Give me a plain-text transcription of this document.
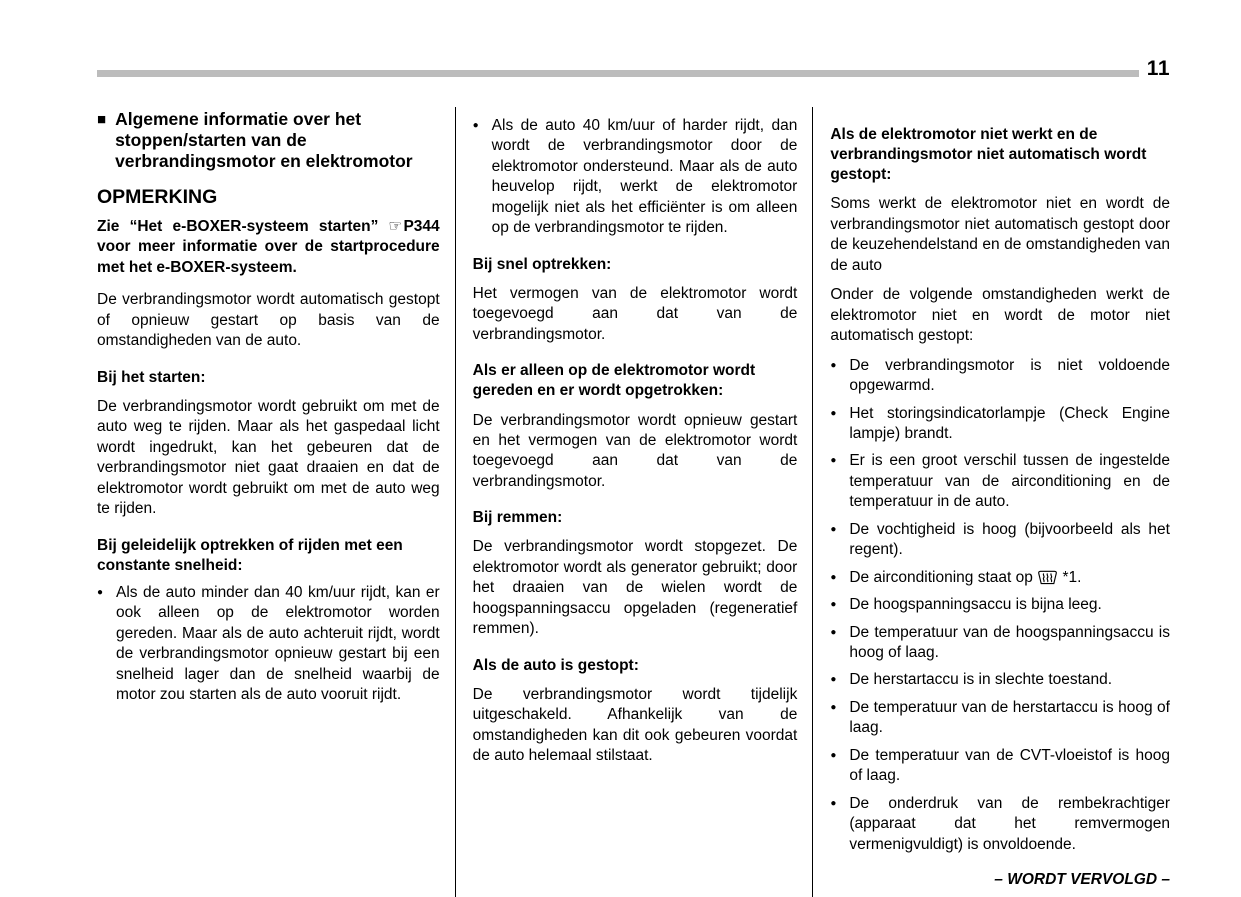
11
■ Algemene informatie over het stoppen/starten van de verbrandingsmotor en elektromotor
OPMERKING
Zie “Het e-BOXER-systeem starten” ☞P344 voor meer informatie over de startprocedure met het e-BOXER-systeem.
De verbrandingsmotor wordt automatisch gestopt of opnieuw gestart op basis van de omstandigheden van de auto.
Bij het starten:
De verbrandingsmotor wordt gebruikt om met de auto weg te rijden. Maar als het gaspedaal licht wordt ingedrukt, kan het gebeuren dat de verbrandingsmotor niet gaat draaien en dat de elektromotor wordt gebruikt om met de auto weg te rijden.
Bij geleidelijk optrekken of rijden met een constante snelheid:
● Als de auto minder dan 40 km/uur rijdt, kan er ook alleen op de elektromotor worden gereden. Maar als de auto achteruit rijdt, wordt de verbrandingsmotor opnieuw gestart bij een snelheid lager dan de snelheid waarbij de motor zou starten als de auto vooruit rijdt.
● Als de auto 40 km/uur of harder rijdt, dan wordt de verbrandingsmotor door de elektromotor ondersteund. Maar als de auto heuvelop rijdt, werkt de elektromotor mogelijk niet als het efficiënter is om alleen op de verbrandingsmotor te rijden.
Bij snel optrekken:
Het vermogen van de elektromotor wordt toegevoegd aan dat van de verbrandingsmotor.
Als er alleen op de elektromotor wordt gereden en er wordt opgetrokken:
De verbrandingsmotor wordt opnieuw gestart en het vermogen van de elektromotor wordt toegevoegd aan dat van de verbrandingsmotor.
Bij remmen:
De verbrandingsmotor wordt stopgezet. De elektromotor wordt als generator gebruikt; door het draaien van de wielen wordt de hoogspanningsaccu opgeladen (regeneratief remmen).
Als de auto is gestopt:
De verbrandingsmotor wordt tijdelijk uitgeschakeld. Afhankelijk van de omstandigheden kan dit ook gebeuren voordat de auto helemaal stilstaat.
Als de elektromotor niet werkt en de verbrandingsmotor niet automatisch wordt gestopt:
Soms werkt de elektromotor niet en wordt de verbrandingsmotor niet automatisch gestopt door de keuzehendelstand en de omstandigheden van de auto
Onder de volgende omstandigheden werkt de elektromotor niet en wordt de motor niet automatisch gestopt:
● De verbrandingsmotor is niet voldoende opgewarmd.
● Het storingsindicatorlampje (Check Engine lampje) brandt.
● Er is een groot verschil tussen de ingestelde temperatuur van de airconditioning en de temperatuur in de auto.
● De vochtigheid is hoog (bijvoorbeeld als het regent).
● De airconditioning staat op  *1.
● De hoogspanningsaccu is bijna leeg.
● De temperatuur van de hoogspanningsaccu is hoog of laag.
● De herstartaccu is in slechte toestand.
● De temperatuur van de herstartaccu is hoog of laag.
● De temperatuur van de CVT-vloeistof is hoog of laag.
● De onderdruk van de rembekrachtiger (apparaat dat het remvermogen vermenigvuldigt) is onvoldoende.
– WORDT VERVOLGD –
